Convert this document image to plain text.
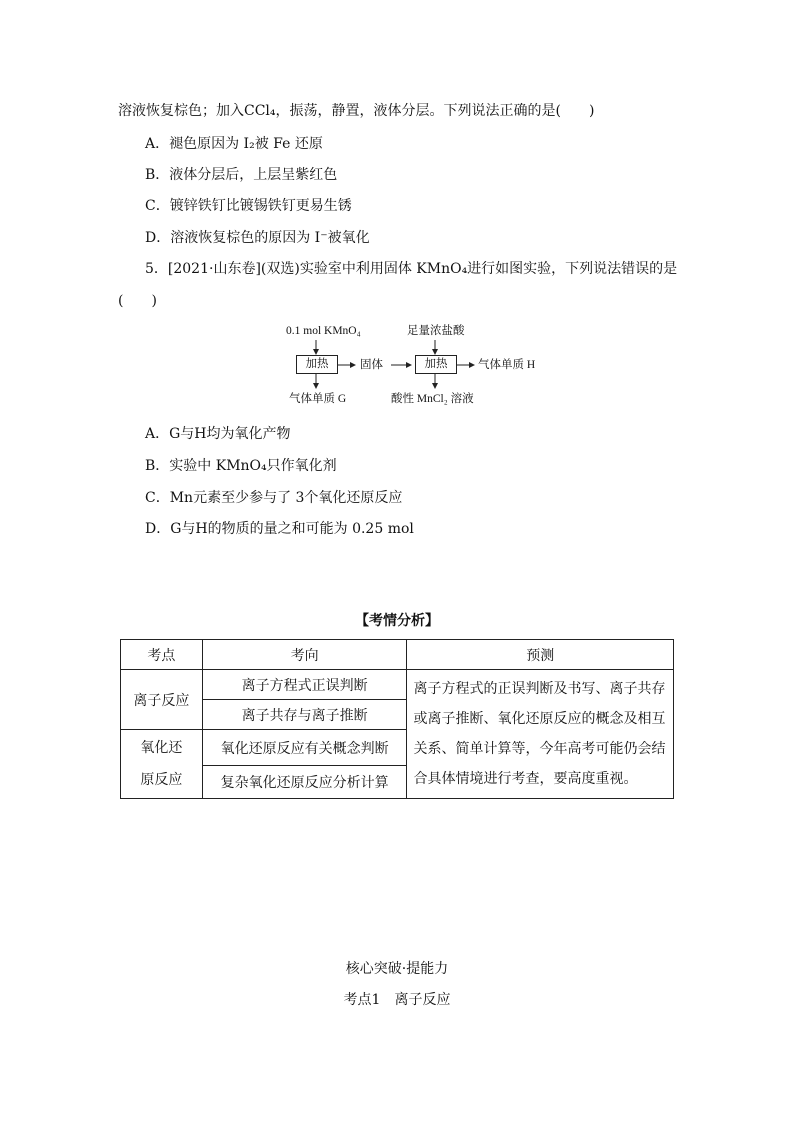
溶液恢复棕色；加入CCl₄，振荡，静置，液体分层。下列说法正确的是(　　)
A．褪色原因为 I₂被 Fe 还原
B．液体分层后，上层呈紫红色
C．镀锌铁钉比镀锡铁钉更易生锈
D．溶液恢复棕色的原因为 I⁻被氧化
5．[2021·山东卷](双选)实验室中利用固体 KMnO₄进行如图实验，下列说法错误的是
(　　)
0.1 mol KMnO₄
加热
气体单质 G
固体
足量浓盐酸
加热	气体单质 H
酸性 MnCl₂ 溶液
A．G与H均为氧化产物
B．实验中 KMnO₄只作氧化剂
C．Mn元素至少参与了 3个氧化还原反应
D．G与H的物质的量之和可能为 0.25 mol
【考情分析】
考点	考向	预测
离子反应	离子方程式正误判断	离子方程式的正误判断及书写、离子共存或离子推断、氧化还原反应的概念及相互关系、简单计算等，今年高考可能仍会结合具体情境进行考查，要高度重视。
	离子共存与离子推断	

氧化还
原反应	氧化还原反应有关概念判断	
	复杂氧化还原反应分析计算	
核心突破·提能力
考点1　离子反应
